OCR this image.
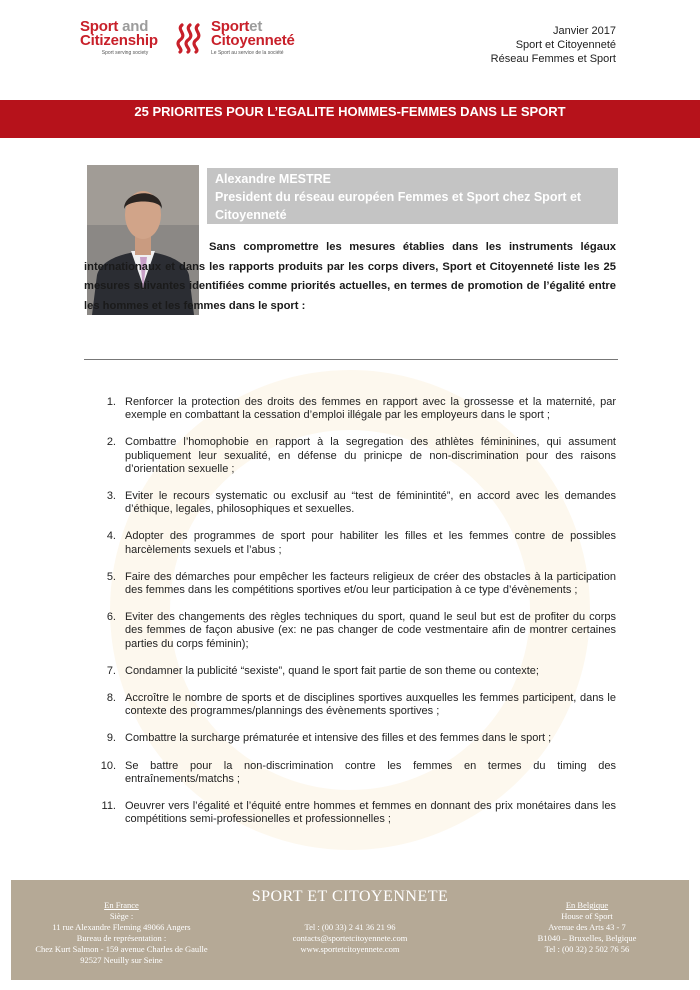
Sport and
Citizenship
Sport serving society
Sportet
Citoyenneté
Le Sport au service de la société
Janvier 2017
Sport et Citoyenneté
Réseau Femmes et Sport
25 PRIORITES POUR L’EGALITE HOMMES-FEMMES DANS LE SPORT
Alexandre MESTRE
President du réseau européen Femmes et Sport chez Sport et Citoyenneté
Sans compromettre les mesures établies dans les instruments légaux internationaux et dans les rapports produits par les corps divers, Sport et Citoyenneté liste les 25 mesures suivantes identifiées comme priorités actuelles, en termes de promotion de l’égalité entre les hommes et les femmes dans le sport :
1. Renforcer la protection des droits des femmes en rapport avec la grossesse et la maternité, par exemple en combattant la cessation d’emploi illégale par les employeurs dans le sport ;
2. Combattre l’homophobie en rapport à la segregation des athlètes fémininines, qui assument publiquement leur sexualité, en défense du prinicpe de non-discrimination pour des raisons d’orientation sexuelle ;
3. Eviter le recours systematic ou exclusif au “test de féminintité”, en accord avec les demandes d’éthique, legales, philosophiques et sexuelles.
4. Adopter des programmes de sport pour habiliter les filles et les femmes contre de possibles harcèlements sexuels et l’abus ;
5. Faire des démarches pour empêcher les facteurs religieux de créer des obstacles à la participation des femmes dans les compétitions sportives et/ou leur participation à ce type d’évènements ;
6. Eviter des changements des règles techniques du sport, quand le seul but est de profiter du corps des femmes de façon abusive (ex: ne pas changer de code vestmentaire afin de montrer certaines parties du corps féminin);
7. Condamner la publicité “sexiste”, quand le sport fait partie de son theme ou contexte;
8. Accroître le nombre de sports et de disciplines sportives auxquelles les femmes participent, dans le contexte des programmes/plannings des évènements sportives ;
9. Combattre la surcharge prématurée et intensive des filles et des femmes dans le sport ;
10. Se battre pour la non-discrimination contre les femmes en termes du timing des entraînements/matchs ;
11. Oeuvrer vers l’égalité et l’équité entre hommes et femmes en donnant des prix monétaires dans les compétitions semi-professionelles et professionnelles ;
En France
Siège :
11 rue Alexandre Fleming 49066 Angers
Bureau de représentation :
Chez Kurt Salmon - 159 avenue Charles de Gaulle
92527 Neuilly sur Seine
SPORT ET CITOYENNETE
Tel : (00 33) 2 41 36 21 96
contacts@sportetcitoyennete.com
www.sportetcitoyennete.com
En Belgique
House of Sport
Avenue des Arts 43 - 7
B1040 – Bruxelles, Belgique
Tel : (00 32) 2 502 76 56
